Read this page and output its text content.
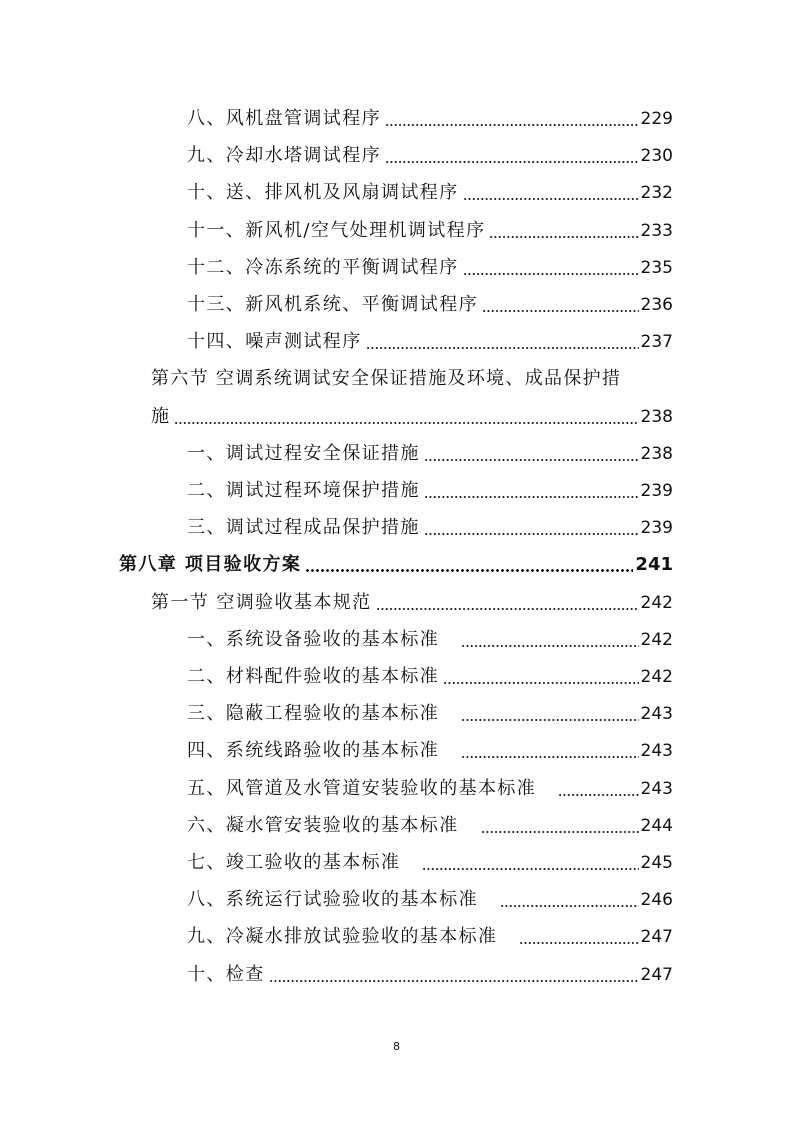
八、风机盘管调试程序	229
九、冷却水塔调试程序	230
十、送、排风机及风扇调试程序	232
十一、新风机/空气处理机调试程序	233
十二、冷冻系统的平衡调试程序	235
十三、新风机系统、平衡调试程序	236
十四、噪声测试程序	237
第六节 空调系统调试安全保证措施及环境、成品保护措
施	238
一、调试过程安全保证措施	238
二、调试过程环境保护措施	239
三、调试过程成品保护措施	239
第八章 项目验收方案	241
第一节 空调验收基本规范	242
一、系统设备验收的基本标准	242
二、材料配件验收的基本标准	242
三、隐蔽工程验收的基本标准	243
四、系统线路验收的基本标准	243
五、风管道及水管道安装验收的基本标准	243
六、凝水管安装验收的基本标准	244
七、竣工验收的基本标准	245
八、系统运行试验验收的基本标准	246
九、冷凝水排放试验验收的基本标准	247
十、检查	247
8
